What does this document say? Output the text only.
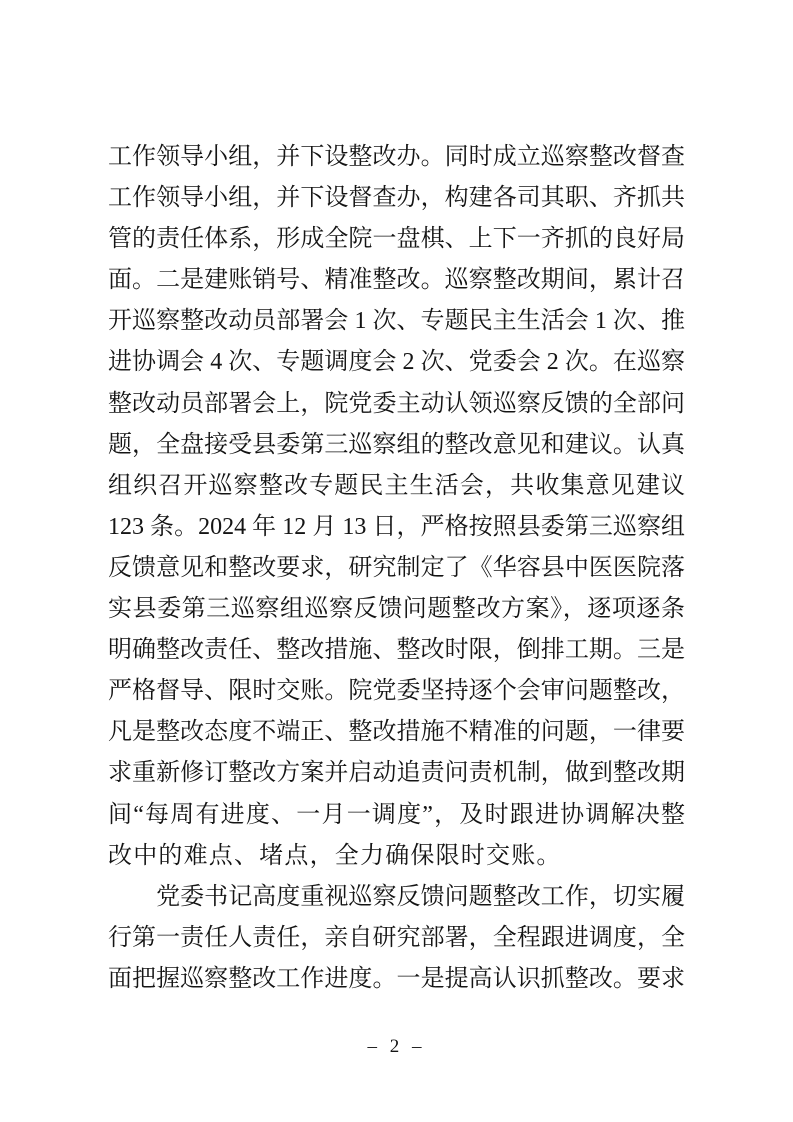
工作领导小组，并下设整改办。同时成立巡察整改督查
工作领导小组，并下设督查办，构建各司其职、齐抓共
管的责任体系，形成全院一盘棋、上下一齐抓的良好局
面。二是建账销号、精准整改。巡察整改期间，累计召
开巡察整改动员部署会 1 次、专题民主生活会 1 次、推
进协调会 4 次、专题调度会 2 次、党委会 2 次。在巡察
整改动员部署会上，院党委主动认领巡察反馈的全部问
题，全盘接受县委第三巡察组的整改意见和建议。认真
组织召开巡察整改专题民主生活会，共收集意见建议
123 条。2024 年 12 月 13 日，严格按照县委第三巡察组
反馈意见和整改要求，研究制定了《华容县中医医院落
实县委第三巡察组巡察反馈问题整改方案》，逐项逐条
明确整改责任、整改措施、整改时限，倒排工期。三是
严格督导、限时交账。院党委坚持逐个会审问题整改，
凡是整改态度不端正、整改措施不精准的问题，一律要
求重新修订整改方案并启动追责问责机制，做到整改期
间“每周有进度、一月一调度”，及时跟进协调解决整
改中的难点、堵点，全力确保限时交账。
　　党委书记高度重视巡察反馈问题整改工作，切实履
行第一责任人责任，亲自研究部署，全程跟进调度，全
面把握巡察整改工作进度。一是提高认识抓整改。要求
– 2 –
